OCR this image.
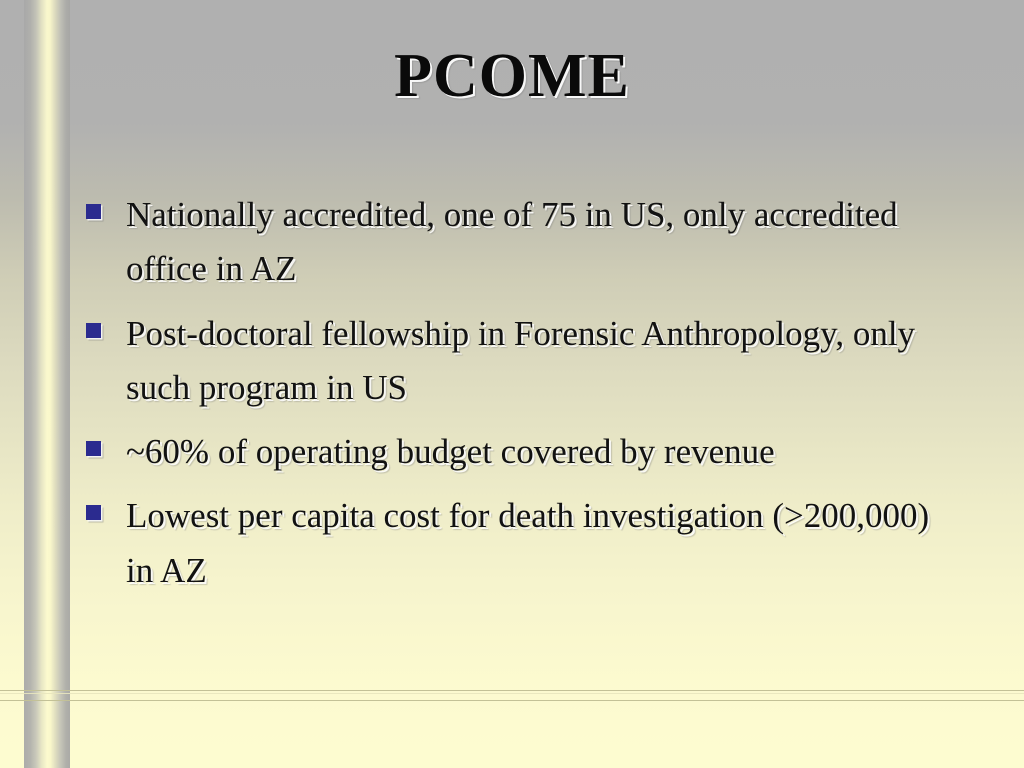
PCOME
Nationally accredited, one of 75 in US, only accredited office in AZ
Post-doctoral fellowship in Forensic Anthropology, only such program in US
~60% of operating budget covered by revenue
Lowest per capita cost for death investigation (>200,000) in AZ
